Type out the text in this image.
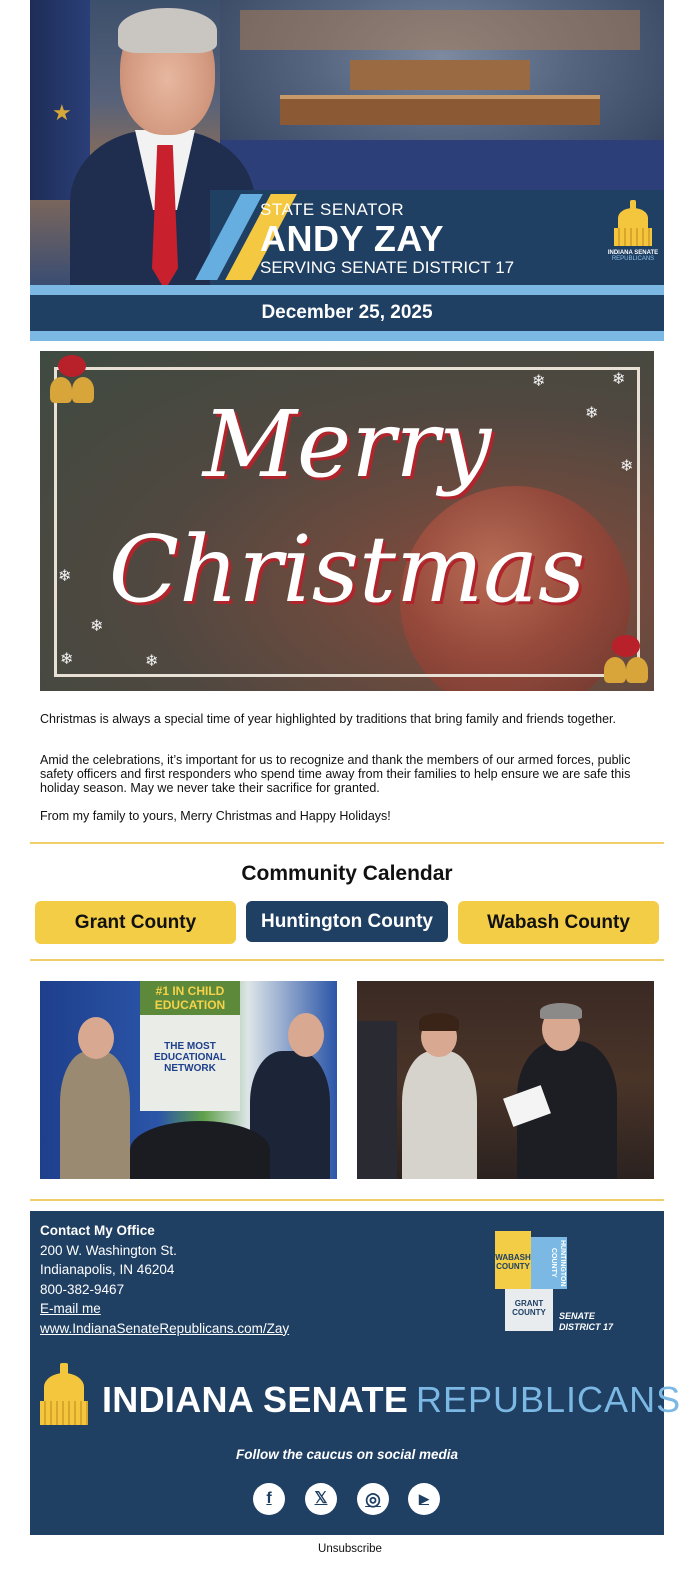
★
STATE SENATOR
ANDY ZAY
SERVING SENATE DISTRICT 17
INDIANA SENATE
REPUBLICANS
December 25, 2025
❄	❄
❄
❄
❄
❄
❄	❄
Merry
Christmas

Christmas is always a special time of year highlighted by traditions that bring family and friends together.

Amid the celebrations, it’s important for us to recognize and thank the members of our armed forces, public safety officers and first responders who spend time away from their families to help ensure we are safe this holiday season. May we never take their sacrifice for granted.

From my family to yours, Merry Christmas and Happy Holidays!

Community Calendar
Grant County	Huntington County	Wabash County
#1 IN CHILD EDUCATION
THE MOST EDUCATIONAL NETWORK
Contact My Office
200 W. Washington St.
Indianapolis, IN 46204
800-382-9467
E-mail me
www.IndianaSenateRepublicans.com/Zay
WABASH COUNTY	HUNTINGTON COUNTY
GRANT COUNTY	SENATE DISTRICT 17
INDIANA SENATE REPUBLICANS
Follow the caucus on social media
f	𝕏	◎	▶
Unsubscribe
